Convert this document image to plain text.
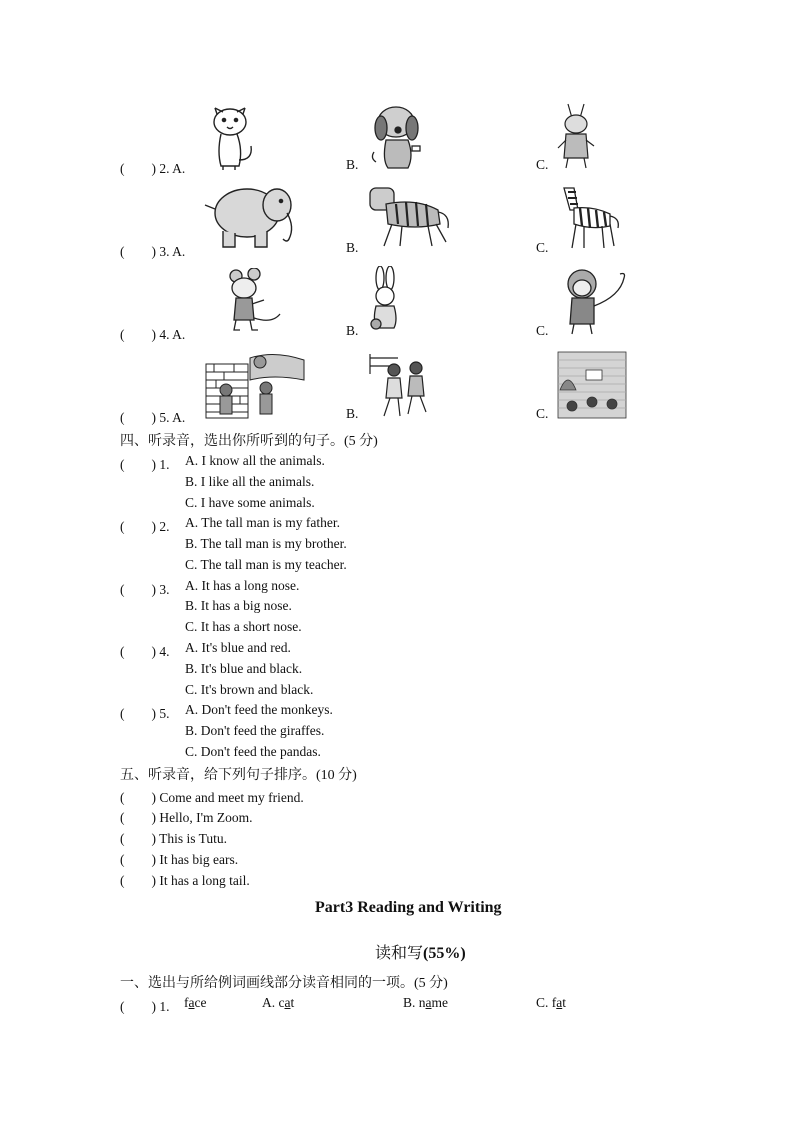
(　　) 2. A.	B.	C.
(　　) 3. A.	B.	C.
(　　) 4. A.	B.	C.
(　　) 5. A.	B.	C.
四、听录音，选出你所听到的句子。(5 分)
(　　) 1. A. I know all the animals.
B. I like all the animals.
C. I have some animals.
(　　) 2. A. The tall man is my father.
B. The tall man is my brother.
C. The tall man is my teacher.
(　　) 3. A. It has a long nose.
B. It has a big nose.
C. It has a short nose.
(　　) 4. A. It's blue and red.
B. It's blue and black.
C. It's brown and black.
(　　) 5. A. Don't feed the monkeys.
B. Don't feed the giraffes.
C. Don't feed the pandas.
五、听录音，给下列句子排序。(10 分)
(　　) Come and meet my friend.
(　　) Hello, I'm Zoom.
(　　) This is Tutu.
(　　) It has big ears.
(　　) It has a long tail.
Part3 Reading and Writing
读和写(55%)
一、选出与所给例词画线部分读音相同的一项。(5 分)
(　　) 1. face	A. cat	B. name	C. fat
